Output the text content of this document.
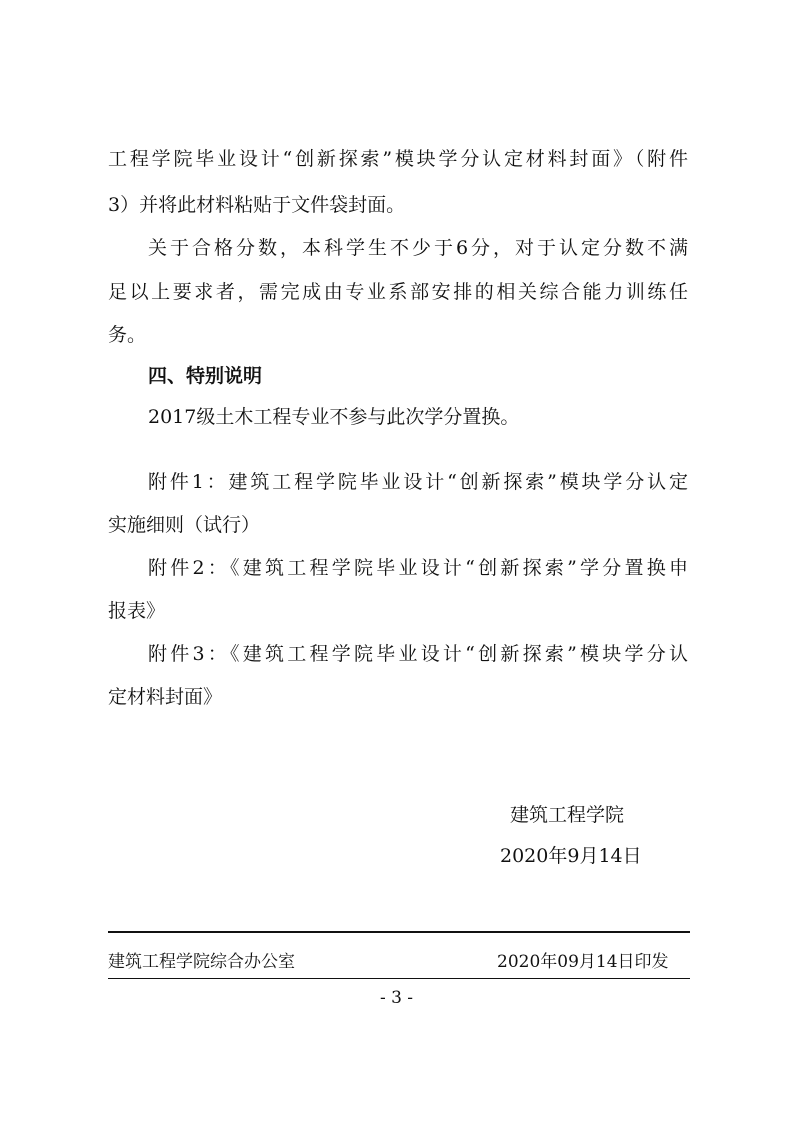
工程学院毕业设计“创新探索”模块学分认定材料封面》（附件
3）并将此材料粘贴于文件袋封面。
关于合格分数，本科学生不少于6分，对于认定分数不满
足以上要求者，需完成由专业系部安排的相关综合能力训练任
务。
四、特别说明
2017级土木工程专业不参与此次学分置换。
附件1：建筑工程学院毕业设计“创新探索”模块学分认定
实施细则（试行）
附件2：《建筑工程学院毕业设计“创新探索”学分置换申
报表》
附件3：《建筑工程学院毕业设计“创新探索”模块学分认
定材料封面》
建筑工程学院
2020年9月14日
建筑工程学院综合办公室	2020年09月14日印发
- 3 -
